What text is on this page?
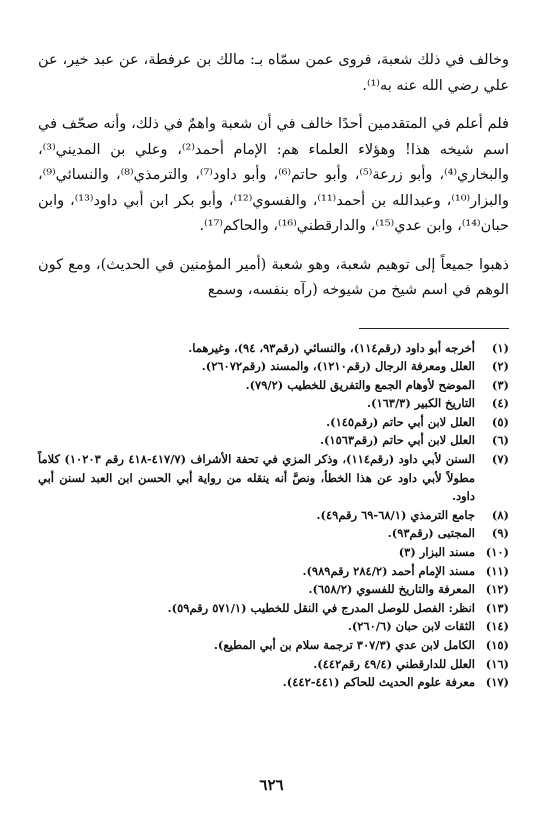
وخالف في ذلك شعبة، فروى عمن سمّاه بـ: مالك بن عرفطة، عن عبد خير، عن علي رضي الله عنه به⁽¹⁾.

فلم أعلم في المتقدمين أحدًا خالف في أن شعبة واهمٌ في ذلك، وأنه صحّف في اسم شيخه هذا! وهؤلاء العلماء هم: الإمام أحمد⁽²⁾، وعلي بن المديني⁽³⁾، والبخاري⁽⁴⁾، وأبو زرعة⁽⁵⁾، وأبو حاتم⁽⁶⁾، وأبو داود⁽⁷⁾، والترمذي⁽⁸⁾، والنسائي⁽⁹⁾، والبزار⁽¹⁰⁾، وعبدالله بن أحمد⁽¹¹⁾، والفسوي⁽¹²⁾، وأبو بكر ابن أبي داود⁽¹³⁾، وابن حبان⁽¹⁴⁾، وابن عدي⁽¹⁵⁾، والدارقطني⁽¹⁶⁾، والحاكم⁽¹⁷⁾.

ذهبوا جميعاً إلى توهيم شعبة، وهو شعبة (أمير المؤمنين في الحديث)، ومع كون الوهم في اسم شيخ من شيوخه (رآه بنفسه، وسمع

(١)
أخرجه أبو داود (رقم١١٤)، والنسائي (رقم٩٣، ٩٤)، وغيرهما.
(٢)
العلل ومعرفة الرجال (رقم١٢١٠)، والمسند (رقم٢٦٠٧٢).
(٣)
الموضح لأوهام الجمع والتفريق للخطيب (٧٩/٢).
(٤)
التاريخ الكبير (١٦٣/٣).
(٥)
العلل لابن أبي حاتم (رقم١٤٥).
(٦)
العلل لابن أبي حاتم (رقم١٥٦٣).
(٧)
السنن لأبي داود (رقم١١٤)، وذكر المزي في تحفة الأشراف (٤١٧/٧-٤١٨ رقم ١٠٢٠٣) كلاماً مطولاً لأبي داود عن هذا الخطأ، ونصَّ أنه ينقله من رواية أبي الحسن ابن العبد لسنن أبي داود.
(٨)
جامع الترمذي (٦٨/١-٦٩ رقم٤٩).
(٩)
المجتبى (رقم٩٣).
(١٠)
مسند البزار (٣)
(١١)
مسند الإمام أحمد (٢٨٤/٢ رقم٩٨٩).
(١٢)
المعرفة والتاريخ للفسوي (٦٥٨/٢).
(١٣)
انظر: الفصل للوصل المدرج في النقل للخطيب (٥٧١/١ رقم٥٩).
(١٤)
الثقات لابن حبان (٢٦٠/٦).
(١٥)
الكامل لابن عدي (٣٠٧/٣ ترجمة سلام بن أبي المطيع).
(١٦)
العلل للدارقطني (٤٩/٤ رقم٤٤٢).
(١٧)
معرفة علوم الحديث للحاكم (٤٤١-٤٤٢).
٦٢٦
